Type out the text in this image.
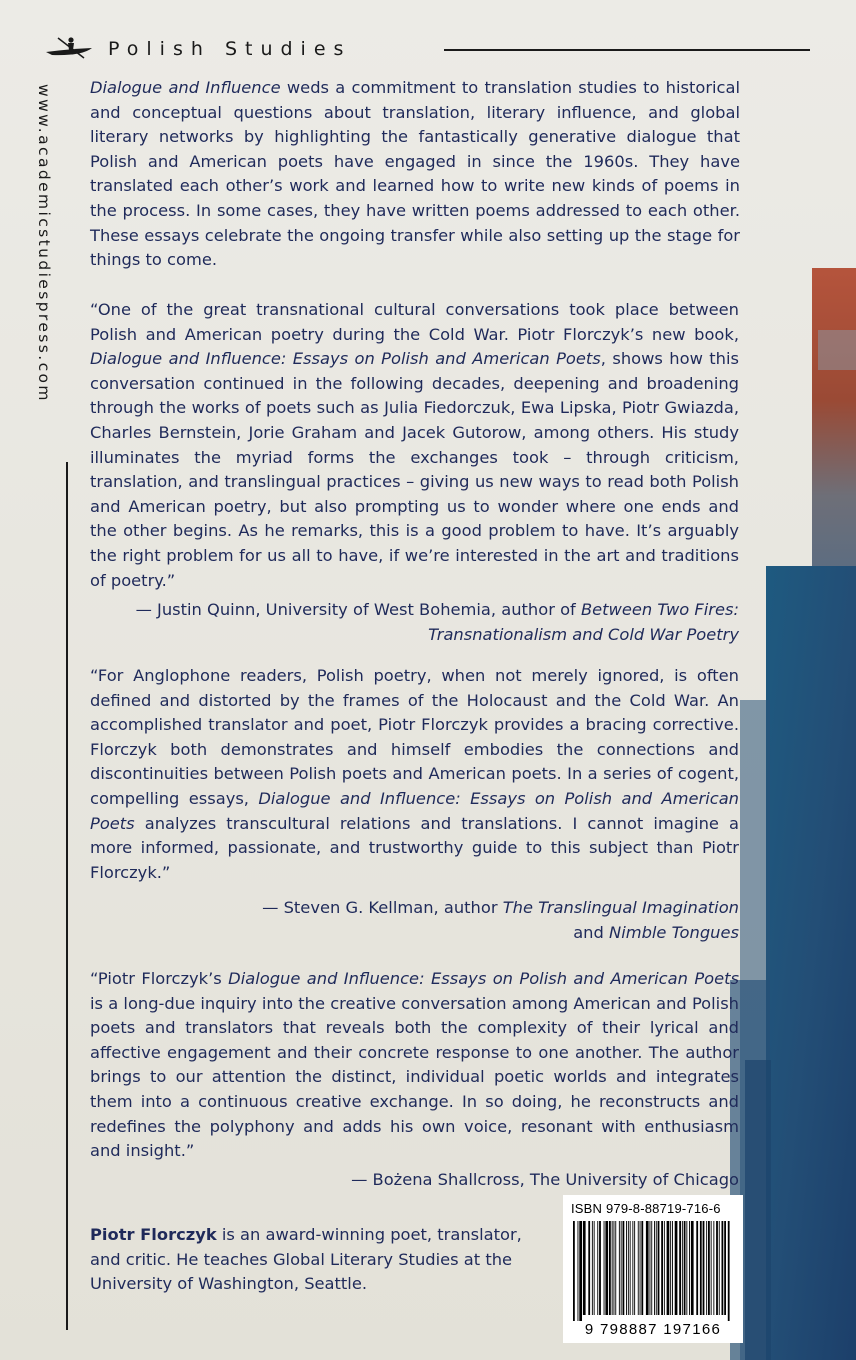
Polish Studies
www.academicstudiespress.com Dialogue and Influence weds a commitment to translation studies to historical and conceptual questions about translation, literary influence, and global literary networks by highlighting the fantastically generative dialogue that Polish and American poets have engaged in since the 1960s. They have translated each other’s work and learned how to write new kinds of poems in the process. In some cases, they have written poems addressed to each other. These essays celebrate the ongoing transfer while also setting up the stage for things to come.
“One of the great transnational cultural conversations took place between Polish and American poetry during the Cold War. Piotr Florczyk’s new book, Dialogue and Influence: Essays on Polish and American Poets, shows how this conversation continued in the following decades, deepening and broadening through the works of poets such as Julia Fiedorczuk, Ewa Lipska, Piotr Gwiazda, Charles Bernstein, Jorie Graham and Jacek Gutorow, among others. His study illuminates the myriad forms the exchanges took – through criticism, translation, and translingual practices – giving us new ways to read both Polish and American poetry, but also prompting us to wonder where one ends and the other begins. As he remarks, this is a good problem to have. It’s arguably the right problem for us all to have, if we’re interested in the art and traditions of poetry.”
— Justin Quinn, University of West Bohemia, author of Between Two Fires: Transnationalism and Cold War Poetry
“For Anglophone readers, Polish poetry, when not merely ignored, is often defined and distorted by the frames of the Holocaust and the Cold War. An accomplished translator and poet, Piotr Florczyk provides a bracing corrective. Florczyk both demonstrates and himself embodies the connections and discontinuities between Polish poets and American poets. In a series of cogent, compelling essays, Dialogue and Influence: Essays on Polish and American Poets analyzes transcultural relations and translations. I cannot imagine a more informed, passionate, and trustworthy guide to this subject than Piotr Florczyk.”
— Steven G. Kellman, author The Translingual Imagination
and Nimble Tongues
“Piotr Florczyk’s Dialogue and Influence: Essays on Polish and American Poets is a long-due inquiry into the creative conversation among American and Polish poets and translators that reveals both the complexity of their lyrical and affective engagement and their concrete response to one another. The author brings to our attention the distinct, individual poetic worlds and integrates them into a continuous creative exchange. In so doing, he reconstructs and redefines the polyphony and adds his own voice, resonant with enthusiasm and insight.”
— Bożena Shallcross, The University of Chicago
Piotr Florczyk is an award-winning poet, translator, and critic. He teaches Global Literary Studies at the University of Washington, Seattle.
ISBN 979-8-88719-716-6
9 798887 197166
